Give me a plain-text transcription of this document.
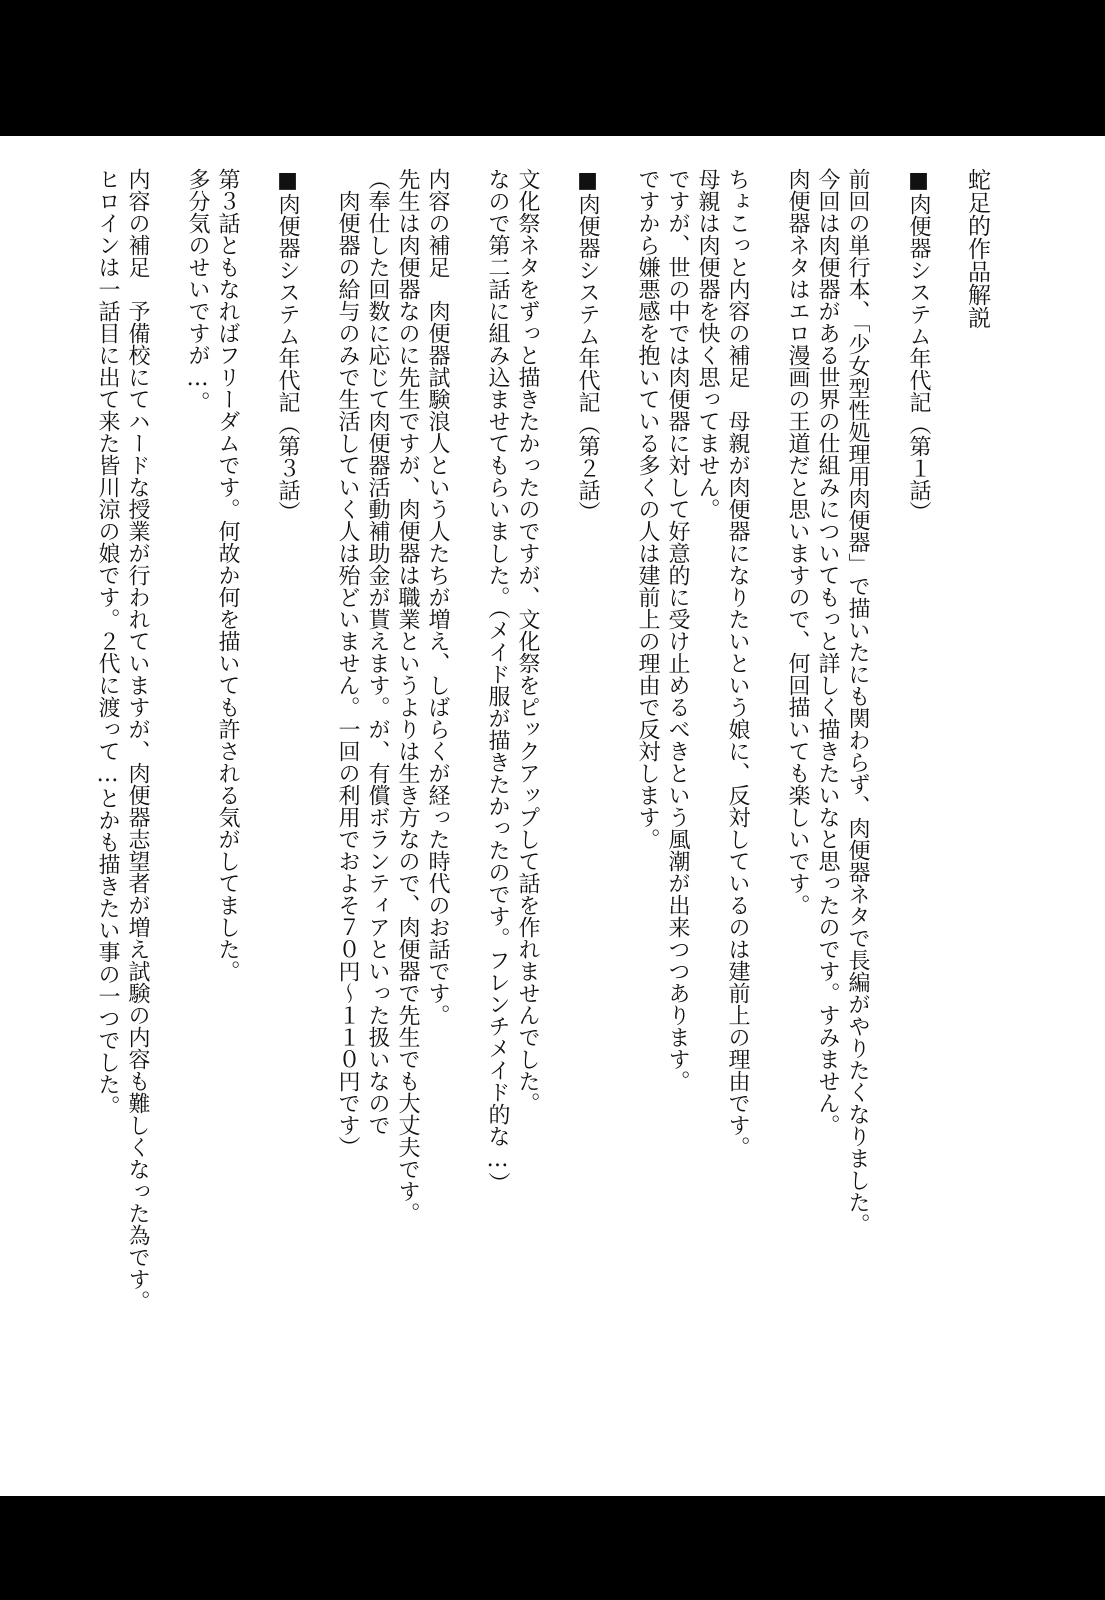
蛇足的作品解説
■肉便器システム年代記（第１話）
前回の単行本、「少女型性処理用肉便器」で描いたにも関わらず、肉便器ネタで長編がやりたくなりました。
今回は肉便器がある世界の仕組みについてもっと詳しく描きたいなと思ったのです。すみません。
肉便器ネタはエロ漫画の王道だと思いますので、何回描いても楽しいです。
ちょこっと内容の補足　母親が肉便器になりたいという娘に、反対しているのは建前上の理由です。
母親は肉便器を快く思ってません。
ですが、世の中では肉便器に対して好意的に受け止めるべきという風潮が出来つつあります。
ですから嫌悪感を抱いている多くの人は建前上の理由で反対します。
■肉便器システム年代記（第２話）
文化祭ネタをずっと描きたかったのですが、文化祭をピックアップして話を作れませんでした。
なので第二話に組み込ませてもらいました。（メイド服が描きたかったのです。フレンチメイド的な…）
内容の補足　肉便器試験浪人という人たちが増え、しばらくが経った時代のお話です。
先生は肉便器なのに先生ですが、肉便器は職業というよりは生き方なので、肉便器で先生でも大丈夫です。
（奉仕した回数に応じて肉便器活動補助金が貰えます。が、有償ボランティアといった扱いなので
　肉便器の給与のみで生活していく人は殆どいません。一回の利用でおよそ７０円～１１０円です）
■肉便器システム年代記（第３話）
第３話ともなればフリーダムです。何故か何を描いても許される気がしてました。
多分気のせいですが…。
内容の補足　予備校にてハードな授業が行われていますが、肉便器志望者が増え試験の内容も難しくなった為です。
ヒロインは一話目に出て来た皆川涼の娘です。２代に渡って…とかも描きたい事の一つでした。
